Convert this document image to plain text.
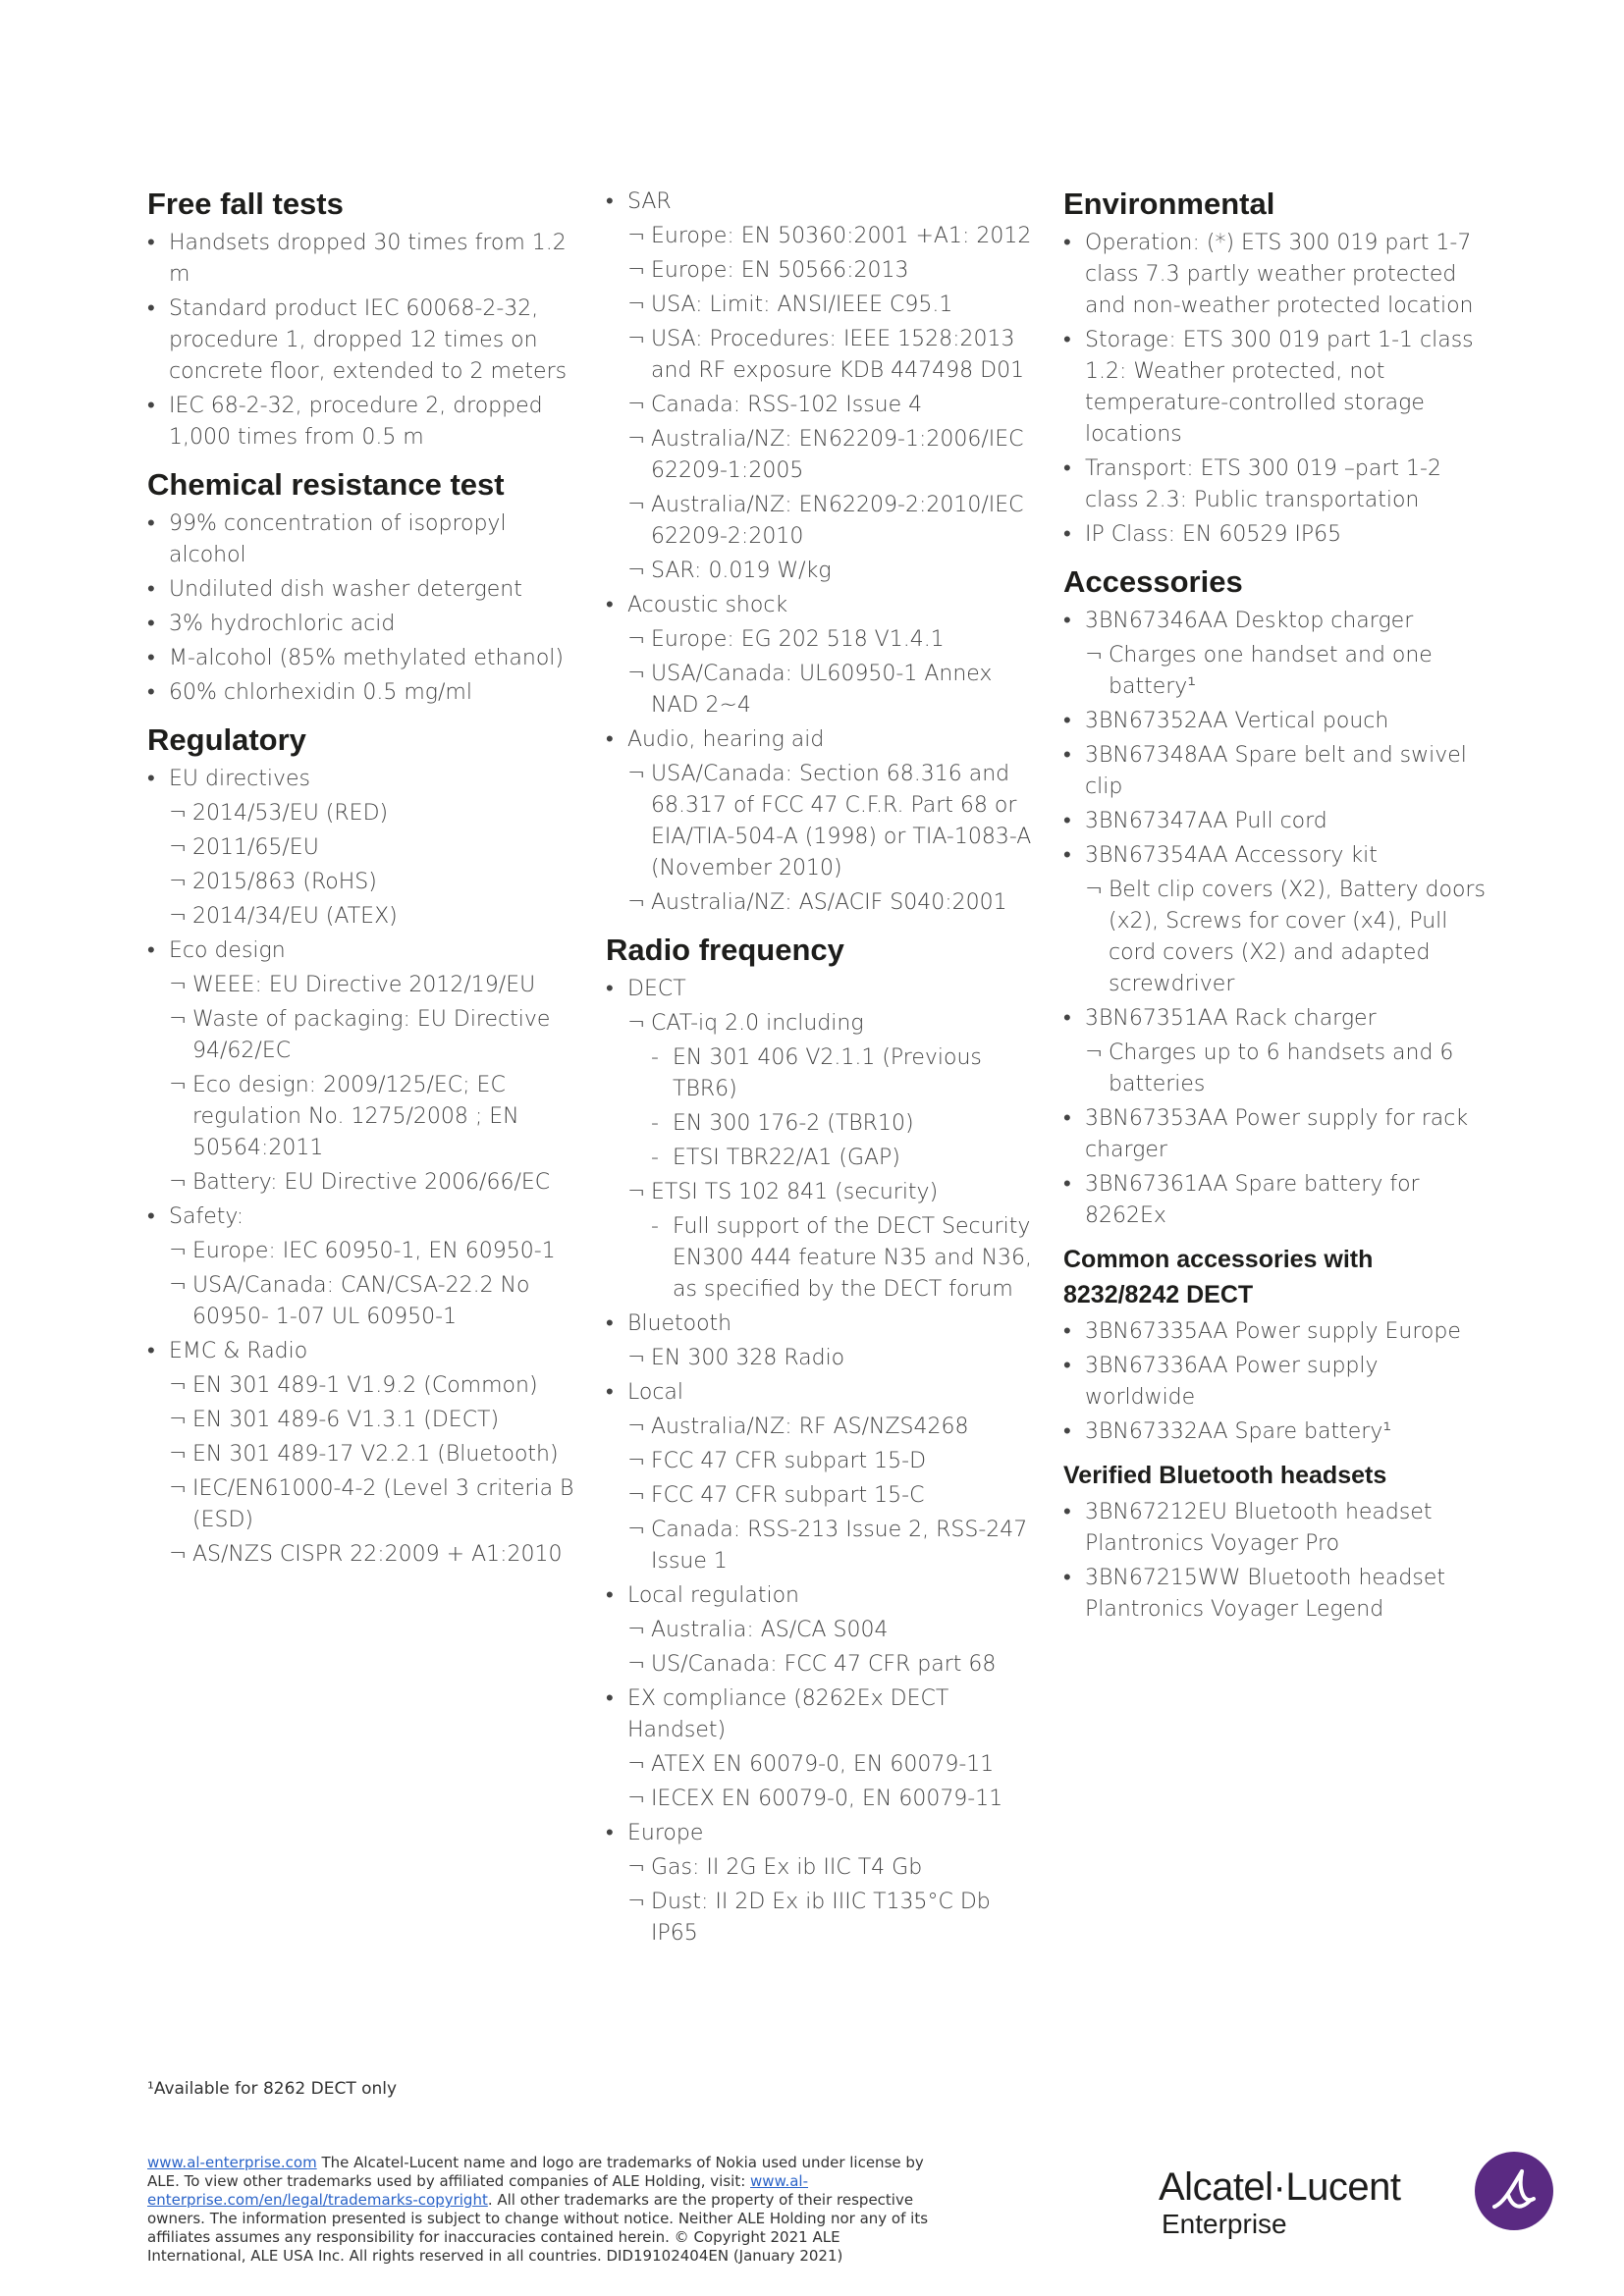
Free fall tests
• Handsets dropped 30 times from 1.2 m
• Standard product IEC 60068-2-32, procedure 1, dropped 12 times on concrete floor, extended to 2 meters
• IEC 68-2-32, procedure 2, dropped 1,000 times from 0.5 m
Chemical resistance test
• 99% concentration of isopropyl alcohol
• Undiluted dish washer detergent
• 3% hydrochloric acid
• M-alcohol (85% methylated ethanol)
• 60% chlorhexidin 0.5 mg/ml
Regulatory
• EU directives
¬ 2014/53/EU (RED)
¬ 2011/65/EU
¬ 2015/863 (RoHS)
¬ 2014/34/EU (ATEX)
• Eco design
¬ WEEE: EU Directive 2012/19/EU
¬ Waste of packaging: EU Directive 94/62/EC
¬ Eco design: 2009/125/EC; EC regulation No. 1275/2008 ; EN 50564:2011
¬ Battery: EU Directive 2006/66/EC
• Safety:
¬ Europe: IEC 60950-1, EN 60950-1
¬ USA/Canada: CAN/CSA-22.2 No 60950- 1-07 UL 60950-1
• EMC & Radio
¬ EN 301 489-1 V1.9.2 (Common)
¬ EN 301 489-6 V1.3.1 (DECT)
¬ EN 301 489-17 V2.2.1 (Bluetooth)
¬ IEC/EN61000-4-2 (Level 3 criteria B (ESD)
¬ AS/NZS CISPR 22:2009 + A1:2010
• SAR
¬ Europe: EN 50360:2001 +A1: 2012
¬ Europe: EN 50566:2013
¬ USA: Limit: ANSI/IEEE C95.1
¬ USA: Procedures: IEEE 1528:2013 and RF exposure KDB 447498 D01
¬ Canada: RSS-102 Issue 4
¬ Australia/NZ: EN62209-1:2006/IEC 62209-1:2005
¬ Australia/NZ: EN62209-2:2010/IEC 62209-2:2010
¬ SAR: 0.019 W/kg
• Acoustic shock
¬ Europe: EG 202 518 V1.4.1
¬ USA/Canada: UL60950-1 Annex NAD 2~4
• Audio, hearing aid
¬ USA/Canada: Section 68.316 and 68.317 of FCC 47 C.F.R. Part 68 or EIA/TIA-504-A (1998) or TIA-1083-A (November 2010)
¬ Australia/NZ: AS/ACIF S040:2001
Radio frequency
• DECT
¬ CAT-iq 2.0 including
- EN 301 406 V2.1.1 (Previous TBR6)
- EN 300 176-2 (TBR10)
- ETSI TBR22/A1 (GAP)
¬ ETSI TS 102 841 (security)
- Full support of the DECT Security EN300 444 feature N35 and N36, as specified by the DECT forum
• Bluetooth
¬ EN 300 328 Radio
• Local
¬ Australia/NZ: RF AS/NZS4268
¬ FCC 47 CFR subpart 15-D
¬ FCC 47 CFR subpart 15-C
¬ Canada: RSS-213 Issue 2, RSS-247 Issue 1
• Local regulation
¬ Australia: AS/CA S004
¬ US/Canada: FCC 47 CFR part 68
• EX compliance (8262Ex DECT Handset)
¬ ATEX EN 60079-0, EN 60079-11
¬ IECEX EN 60079-0, EN 60079-11
• Europe
¬ Gas: II 2G Ex ib IIC T4 Gb
¬ Dust: II 2D Ex ib IIIC T135°C Db IP65
Environmental
• Operation: (*) ETS 300 019 part 1-7 class 7.3 partly weather protected and non-weather protected location
• Storage: ETS 300 019 part 1-1 class 1.2: Weather protected, not temperature-controlled storage locations
• Transport: ETS 300 019 –part 1-2 class 2.3: Public transportation
• IP Class: EN 60529 IP65
Accessories
• 3BN67346AA Desktop charger
¬ Charges one handset and one battery¹
• 3BN67352AA Vertical pouch
• 3BN67348AA Spare belt and swivel clip
• 3BN67347AA Pull cord
• 3BN67354AA Accessory kit
¬ Belt clip covers (X2), Battery doors (x2), Screws for cover (x4), Pull cord covers (X2) and adapted screwdriver
• 3BN67351AA Rack charger
¬ Charges up to 6 handsets and 6 batteries
• 3BN67353AA Power supply for rack charger
• 3BN67361AA Spare battery for 8262Ex
Common accessories with 8232/8242 DECT
• 3BN67335AA Power supply Europe
• 3BN67336AA Power supply worldwide
• 3BN67332AA Spare battery¹
Verified Bluetooth headsets
• 3BN67212EU Bluetooth headset Plantronics Voyager Pro
• 3BN67215WW Bluetooth headset Plantronics Voyager Legend
¹Available for 8262 DECT only
www.al-enterprise.com The Alcatel-Lucent name and logo are trademarks of Nokia used under license by ALE. To view other trademarks used by affiliated companies of ALE Holding, visit: www.al-enterprise.com/en/legal/trademarks-copyright. All other trademarks are the property of their respective owners. The information presented is subject to change without notice. Neither ALE Holding nor any of its affiliates assumes any responsibility for inaccuracies contained herein. © Copyright 2021 ALE International, ALE USA Inc. All rights reserved in all countries. DID19102404EN (January 2021)
Alcatel·Lucent
Enterprise
